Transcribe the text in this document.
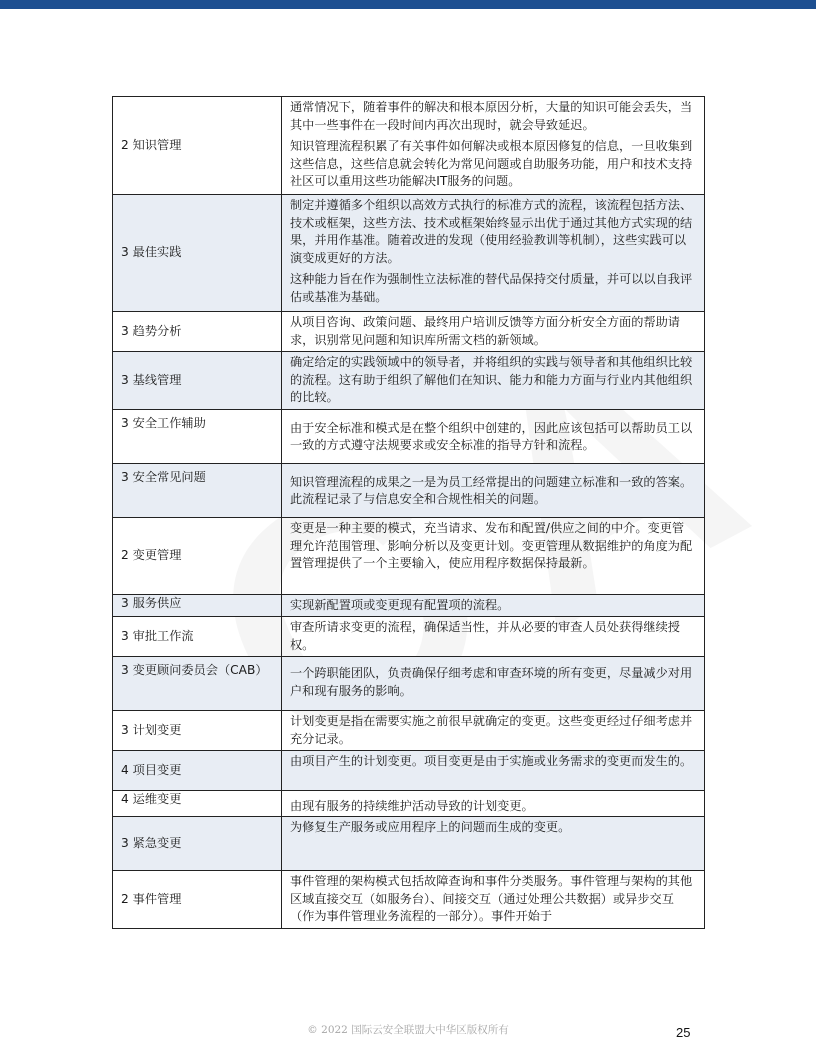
2 知识管理	通常情况下，随着事件的解决和根本原因分析，大量的知识可能会丢失，当其中一些事件在一段时间内再次出现时，就会导致延迟。

知识管理流程积累了有关事件如何解决或根本原因修复的信息，一旦收集到这些信息，这些信息就会转化为常见问题或自助服务功能，用户和技术支持社区可以重用这些功能解决IT服务的问题。

3 最佳实践	制定并遵循多个组织以高效方式执行的标准方式的流程，该流程包括方法、技术或框架，这些方法、技术或框架始终显示出优于通过其他方式实现的结果，并用作基准。随着改进的发现（使用经验教训等机制），这些实践可以演变成更好的方法。

这种能力旨在作为强制性立法标准的替代品保持交付质量，并可以以自我评估或基准为基础。

3 趋势分析	从项目咨询、政策问题、最终用户培训反馈等方面分析安全方面的帮助请求，识别常见问题和知识库所需文档的新领域。

3 基线管理	确定给定的实践领域中的领导者，并将组织的实践与领导者和其他组织比较的流程。这有助于组织了解他们在知识、能力和能力方面与行业内其他组织的比较。

3 安全工作辅助	由于安全标准和模式是在整个组织中创建的，因此应该包括可以帮助员工以一致的方式遵守法规要求或安全标准的指导方针和流程。

3 安全常见问题	知识管理流程的成果之一是为员工经常提出的问题建立标准和一致的答案。此流程记录了与信息安全和合规性相关的问题。

2 变更管理	变更是一种主要的模式，充当请求、发布和配置/供应之间的中介。变更管理允许范围管理、影响分析以及变更计划。变更管理从数据维护的角度为配置管理提供了一个主要输入，使应用程序数据保持最新。

3 服务供应	实现新配置项或变更现有配置项的流程。

3 审批工作流	审查所请求变更的流程，确保适当性，并从必要的审查人员处获得继续授权。

3 变更顾问委员会（CAB）	一个跨职能团队，负责确保仔细考虑和审查环境的所有变更，尽量减少对用户和现有服务的影响。

3 计划变更	计划变更是指在需要实施之前很早就确定的变更。这些变更经过仔细考虑并充分记录。

4 项目变更	由项目产生的计划变更。项目变更是由于实施或业务需求的变更而发生的。

4 运维变更	由现有服务的持续维护活动导致的计划变更。

3 紧急变更	为修复生产服务或应用程序上的问题而生成的变更。

2 事件管理	事件管理的架构模式包括故障查询和事件分类服务。事件管理与架构的其他区域直接交互（如服务台）、间接交互（通过处理公共数据）或异步交互（作为事件管理业务流程的一部分）。事件开始于

© 2022 国际云安全联盟大中华区版权所有	25
